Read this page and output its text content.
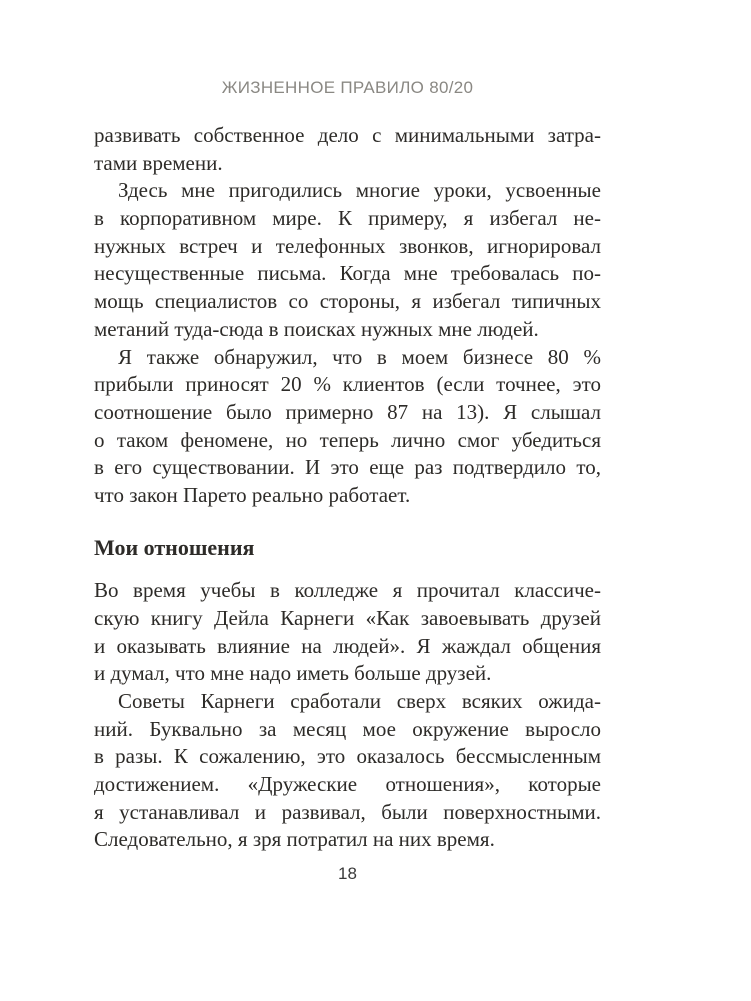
ЖИЗНЕННОЕ ПРАВИЛО 80/20
развивать собственное дело с минимальными затра-
тами времени.
Здесь мне пригодились многие уроки, усвоенные
в корпоративном мире. К примеру, я избегал не-
нужных встреч и телефонных звонков, игнорировал
несущественные письма. Когда мне требовалась по-
мощь специалистов со стороны, я избегал типичных
метаний туда-сюда в поисках нужных мне людей.
Я также обнаружил, что в моем бизнесе 80 %
прибыли приносят 20 % клиентов (если точнее, это
соотношение было примерно 87 на 13). Я слышал
о таком феномене, но теперь лично смог убедиться
в его существовании. И это еще раз подтвердило то,
что закон Парето реально работает.
Мои отношения
Во время учебы в колледже я прочитал классиче-
скую книгу Дейла Карнеги «Как завоевывать друзей
и оказывать влияние на людей». Я жаждал общения
и думал, что мне надо иметь больше друзей.
Советы Карнеги сработали сверх всяких ожида-
ний. Буквально за месяц мое окружение выросло
в разы. К сожалению, это оказалось бессмысленным
достижением. «Дружеские отношения», которые
я устанавливал и развивал, были поверхностными.
Следовательно, я зря потратил на них время.
18
